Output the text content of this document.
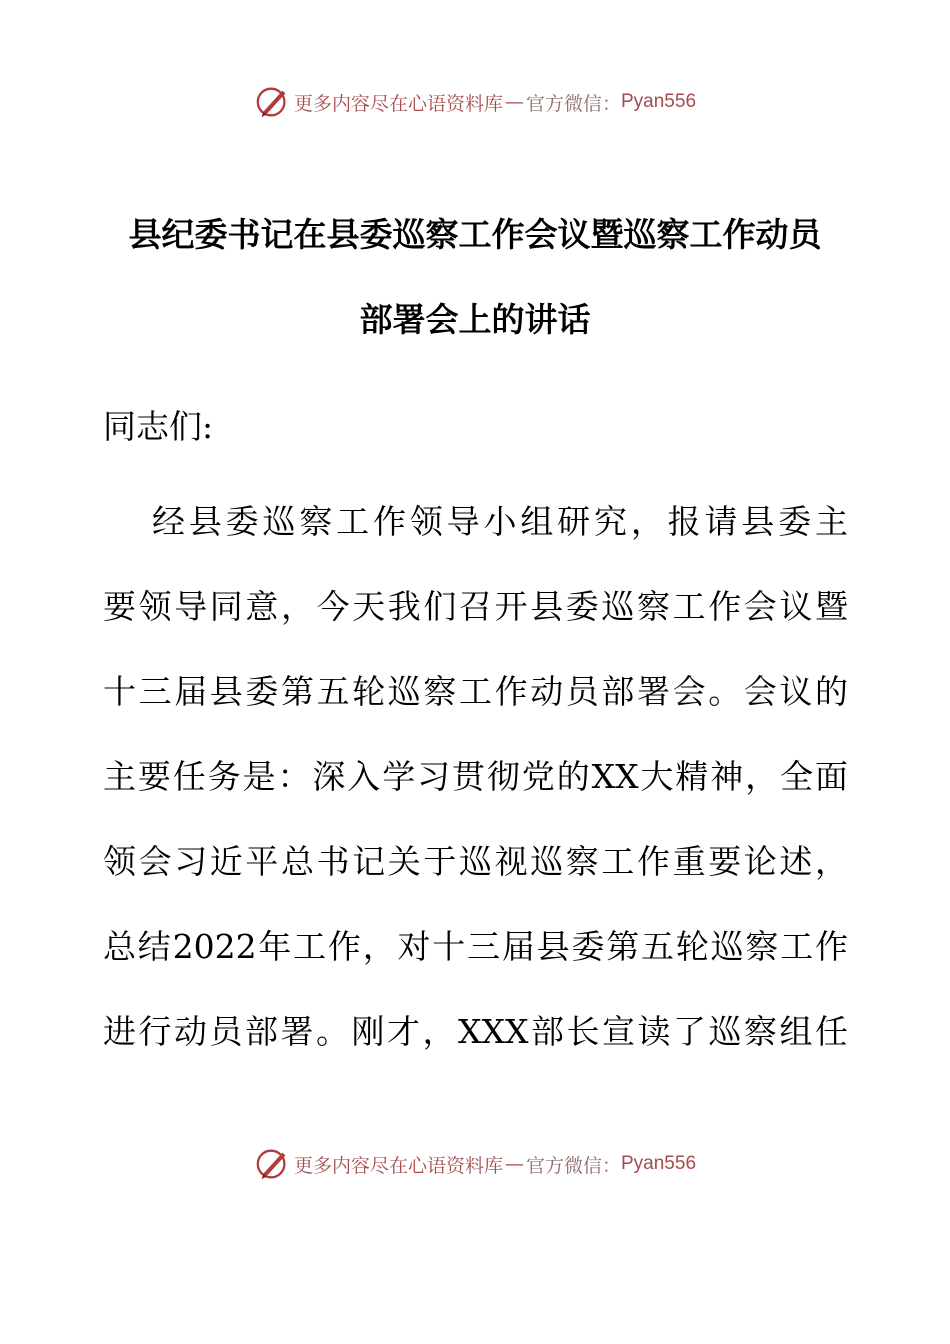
更多内容尽在心语资料库 — 官方微信： Pyan556
县纪委书记在县委巡察工作会议暨巡察工作动员
部署会上的讲话
同志们:
经县委巡察工作领导小组研究，报请县委主
要领导同意，今天我们召开县委巡察工作会议暨
十三届县委第五轮巡察工作动员部署会。会议的
主要任务是：深入学习贯彻党的XX大精神，全面
领会习近平总书记关于巡视巡察工作重要论述，
总结2022年工作，对十三届县委第五轮巡察工作
进行动员部署。刚才，XXX部长宣读了巡察组任
更多内容尽在心语资料库 — 官方微信： Pyan556
